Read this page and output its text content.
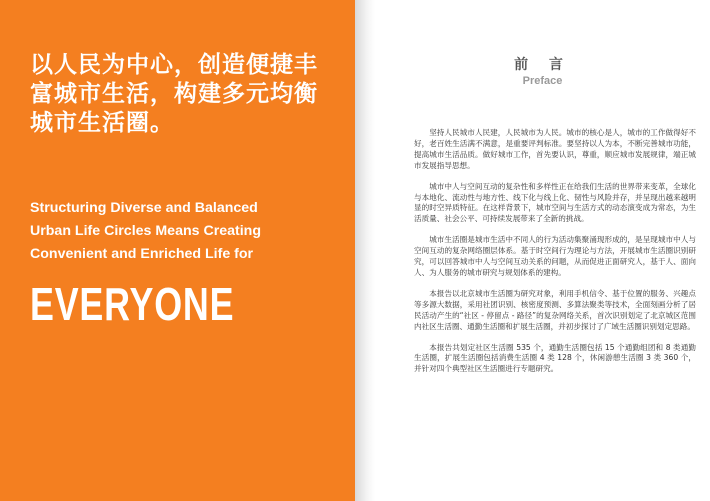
以人民为中心，创造便捷丰
富城市生活，构建多元均衡
城市生活圈。
Structuring Diverse and Balanced
Urban Life Circles Means Creating
Convenient and Enriched Life for
EVERYONE
前 言
Preface

坚持人民城市人民建，人民城市为人民。城市的核心是人，城市的工作做得好不好，老百姓生活满不满意，是重要评判标准。要坚持以人为本，不断完善城市功能，提高城市生活品质。做好城市工作，首先要认识，尊重，顺应城市发展规律，端正城市发展指导思想。

城市中人与空间互动的复杂性和多样性正在给我们生活的世界带来变革，全球化与本地化、流动性与地方性、线下化与线上化、韧性与风险并存，并呈现出越来越明显的时空异质特征。在这样背景下，城市空间与生活方式的动态演变成为常态，为生活质量、社会公平、可持续发展带来了全新的挑战。

城市生活圈是城市生活中不同人的行为活动集聚涌现形成的，是呈现城市中人与空间互动的复杂网络圈层体系。基于时空间行为理论与方法，开展城市生活圈识别研究，可以回答城市中人与空间互动关系的问题，从而促进正面研究人，基于人、面向人、为人服务的城市研究与规划体系的建构。

本报告以北京城市生活圈为研究对象，利用手机信令、基于位置的服务、兴趣点等多源大数据，采用社团识别、核密度预测、多算法聚类等技术，全面刻画分析了居民活动产生的“社区 - 停留点 - 路径”的复杂网络关系，首次识别划定了北京城区范围内社区生活圈、通勤生活圈和扩展生活圈，并初步探讨了广域生活圈识别划定思路。

本报告共划定社区生活圈 535 个，通勤生活圈包括 15 个通勤组团和 8 类通勤生活圈，扩展生活圈包括消费生活圈 4 类 128 个，休闲游憩生活圈 3 类 360 个，并针对四个典型社区生活圈进行专题研究。
